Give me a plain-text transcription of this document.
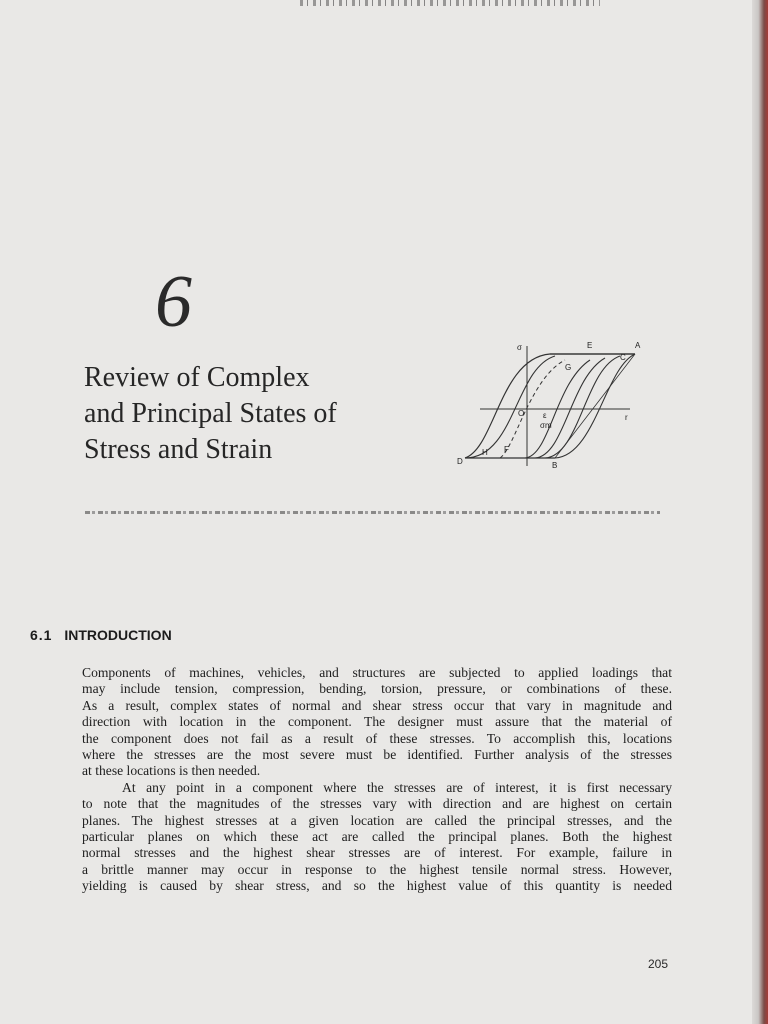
6
Review of Complex
and Principal States of
Stress and Strain
σ	E	A
C
G
O ε
σm
r
D
H F
B
6.1 INTRODUCTION

Components of machines, vehicles, and structures are subjected to applied loadings that
may include tension, compression, bending, torsion, pressure, or combinations of these.
As a result, complex states of normal and shear stress occur that vary in magnitude and
direction with location in the component. The designer must assure that the material of
the component does not fail as a result of these stresses. To accomplish this, locations
where the stresses are the most severe must be identified. Further analysis of the stresses
at these locations is then needed.

At any point in a component where the stresses are of interest, it is first necessary
to note that the magnitudes of the stresses vary with direction and are highest on certain
planes. The highest stresses at a given location are called the principal stresses, and the
particular planes on which these act are called the principal planes. Both the highest
normal stresses and the highest shear stresses are of interest. For example, failure in
a brittle manner may occur in response to the highest tensile normal stress. However,
yielding is caused by shear stress, and so the highest value of this quantity is needed

205
